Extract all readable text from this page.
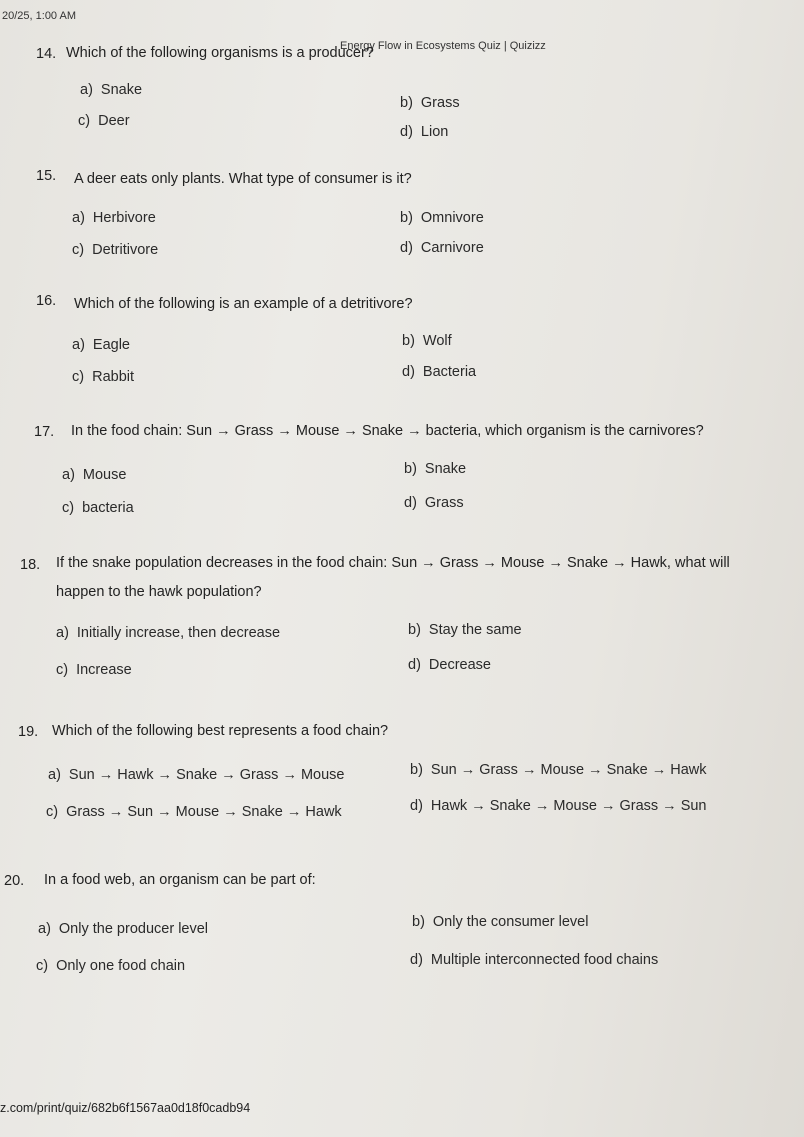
20/25, 1:00 AM
Energy Flow in Ecosystems Quiz | Quizizz
14. Which of the following organisms is a producer?
a) Snake
b) Grass
c) Deer
d) Lion
15. A deer eats only plants. What type of consumer is it?
a) Herbivore	b) Omnivore
c) Detritivore	d) Carnivore
16. Which of the following is an example of a detritivore?
a) Eagle	b) Wolf
c) Rabbit	d) Bacteria
17. In the food chain: Sun → Grass → Mouse → Snake → bacteria, which organism is the carnivores?
a) Mouse	b) Snake
c) bacteria	d) Grass
18. If the snake population decreases in the food chain: Sun → Grass → Mouse → Snake → Hawk, what will happen to the hawk population?
a) Initially increase, then decrease	b) Stay the same
c) Increase	d) Decrease
19. Which of the following best represents a food chain?
a) Sun → Hawk → Snake → Grass → Mouse	b) Sun → Grass → Mouse → Snake → Hawk
c) Grass → Sun → Mouse → Snake → Hawk	d) Hawk → Snake → Mouse → Grass → Sun
20. In a food web, an organism can be part of:
a) Only the producer level	b) Only the consumer level
c) Only one food chain	d) Multiple interconnected food chains
z.com/print/quiz/682b6f1567aa0d18f0cadb94
